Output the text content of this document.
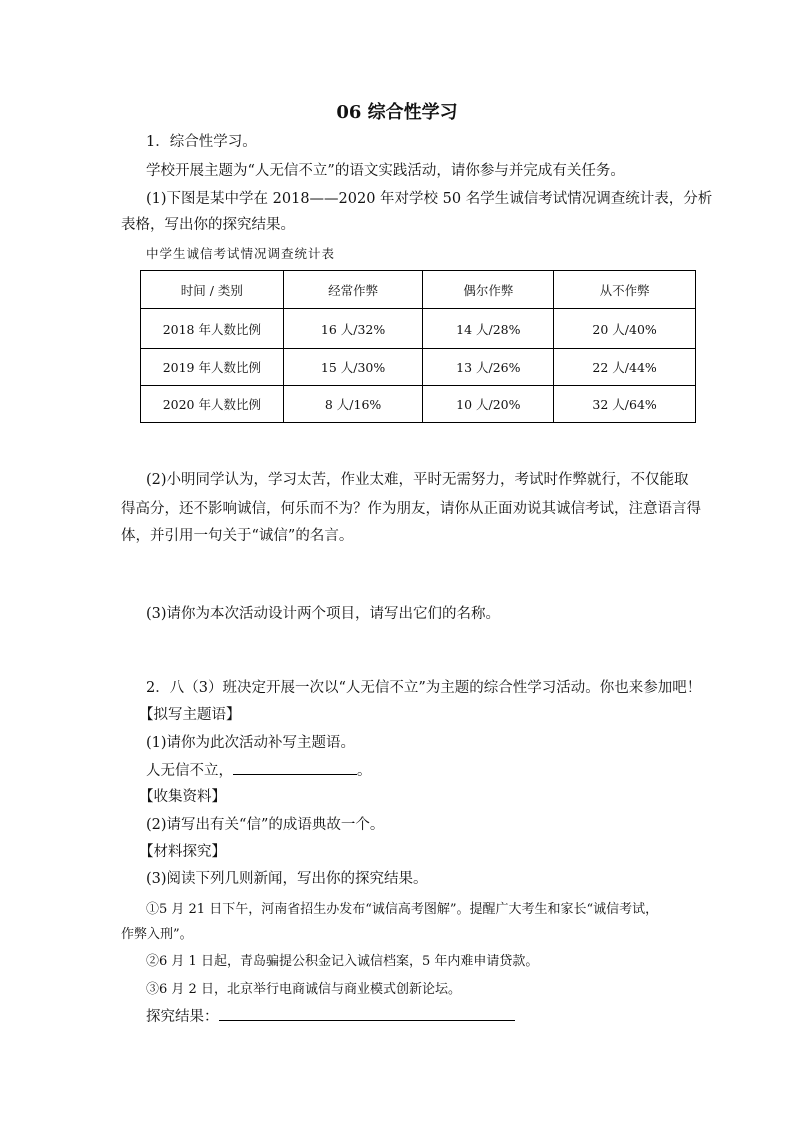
06 综合性学习
1．综合性学习。
学校开展主题为“人无信不立”的语文实践活动，请你参与并完成有关任务。
(1)下图是某中学在 2018——2020 年对学校 50 名学生诚信考试情况调查统计表，分析
表格，写出你的探究结果。
中学生诚信考试情况调查统计表
时间 / 类别	经常作弊	偶尔作弊	从不作弊
2018 年人数比例	16 人/32%	14 人/28%	20 人/40%
2019 年人数比例	15 人/30%	13 人/26%	22 人/44%
2020 年人数比例	8 人/16%	10 人/20%	32 人/64%
(2)小明同学认为，学习太苦，作业太难，平时无需努力，考试时作弊就行，不仅能取
得高分，还不影响诚信，何乐而不为？作为朋友，请你从正面劝说其诚信考试，注意语言得
体，并引用一句关于“诚信”的名言。
(3)请你为本次活动设计两个项目，请写出它们的名称。
2．八（3）班决定开展一次以“人无信不立”为主题的综合性学习活动。你也来参加吧！
【拟写主题语】
(1)请你为此次活动补写主题语。
人无信不立，	。
【收集资料】
(2)请写出有关“信”的成语典故一个。
【材料探究】
(3)阅读下列几则新闻，写出你的探究结果。
①5 月 21 日下午，河南省招生办发布“诚信高考图解”。提醒广大考生和家长“诚信考试，
作弊入刑”。
②6 月 1 日起，青岛骗提公积金记入诚信档案，5 年内难申请贷款。
③6 月 2 日，北京举行电商诚信与商业模式创新论坛。
探究结果：
